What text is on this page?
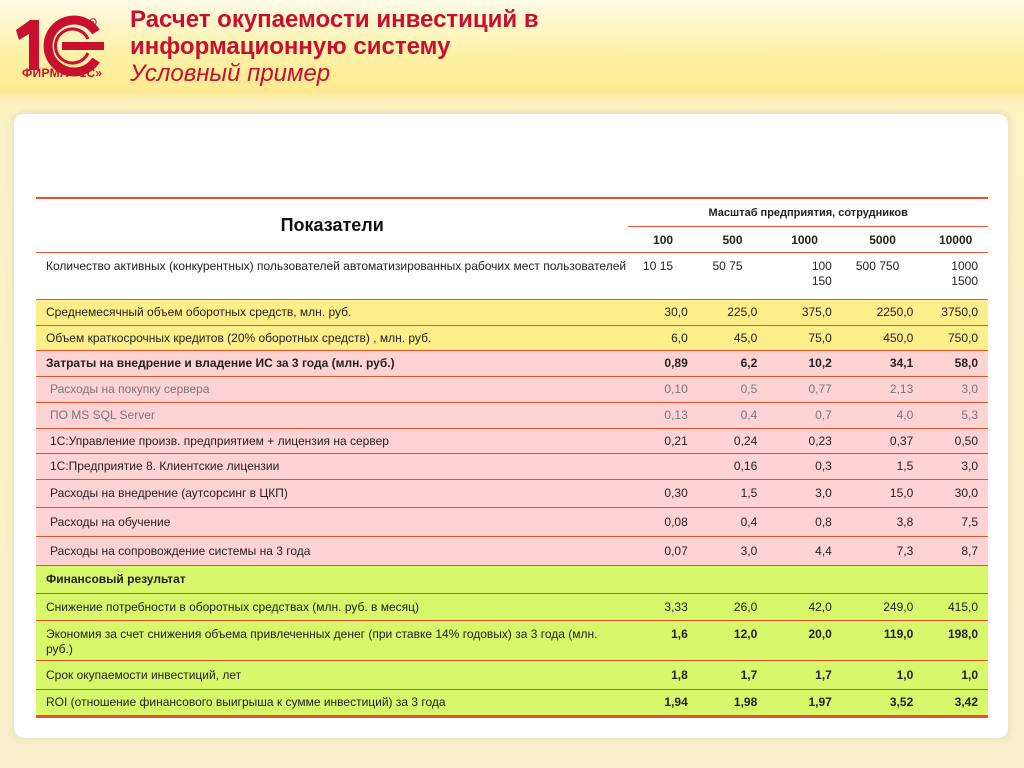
R
ФИРМА «1С»
Расчет окупаемости инвестиций в
информационную систему
Условный пример
Показатели	Масштаб предприятия, сотрудников				
	100	500	1000	5000	10000
Количество активных (конкурентных) пользователей автоматизированных рабочих мест пользователей	10 15	50 75	100 150	500 750	1000 1500
Среднемесячный объем оборотных средств, млн. руб.	30,0	225,0	375,0	2250,0	3750,0
Объем краткосрочных кредитов (20% оборотных средств) , млн. руб.	6,0	45,0	75,0	450,0	750,0
Затраты на внедрение и владение ИС за 3 года (млн. руб.)	0,89	6,2	10,2	34,1	58,0
Расходы на покупку сервера	0,10	0,5	0,77	2,13	3,0
ПО MS SQL Server	0,13	0,4	0,7	4,0	5,3
1С:Управление произв. предприятием + лицензия на сервер	0,21	0,24	0,23	0,37	0,50
1С:Предприятие 8. Клиентские лицензии		0,16	0,3	1,5	3,0
Расходы на внедрение (аутсорсинг в ЦКП)	0,30	1,5	3,0	15,0	30,0
Расходы на обучение	0,08	0,4	0,8	3,8	7,5
Расходы на сопровождение системы на 3 года	0,07	3,0	4,4	7,3	8,7
Финансовый результат					
Снижение потребности в оборотных средствах (млн. руб. в месяц)	3,33	26,0	42,0	249,0	415,0
Экономия за счет снижения объема привлеченных денег (при ставке 14% годовых) за 3 года (млн. руб.)	1,6	12,0	20,0	119,0	198,0
Срок окупаемости инвестиций, лет	1,8	1,7	1,7	1,0	1,0
ROI (отношение финансового выигрыша к сумме инвестиций) за 3 года	1,94	1,98	1,97	3,52	3,42
